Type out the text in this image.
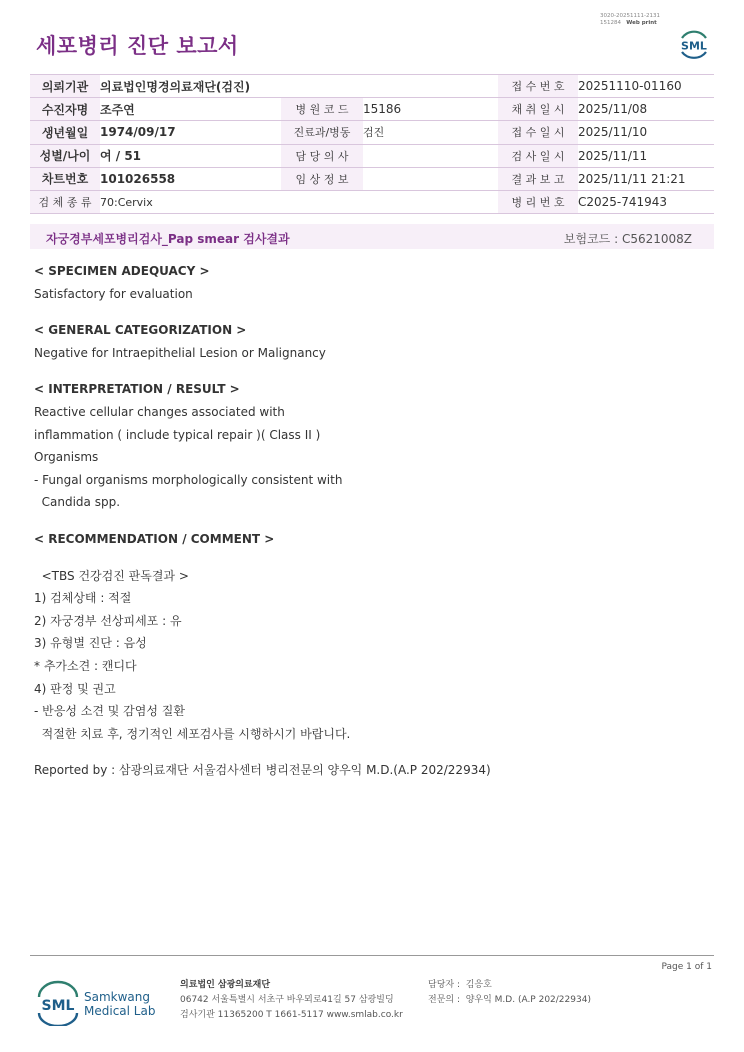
세포병리 진단 보고서
3020-20251111-2131
151284 Web print
SML
의뢰기관	의료법인명경의료재단(검진)			접 수 번 호	20251110-01160
수진자명	조주연	병 원 코 드	15186	채 취 일 시	2025/11/08
생년월일	1974/09/17	진료과/병동	검진	접 수 일 시	2025/11/10
성별/나이	여 / 51	담 당 의 사		검 사 일 시	2025/11/11
차트번호	101026558	임 상 정 보		결 과 보 고	2025/11/11 21:21
검 체 종 류	70:Cervix			병 리 번 호	C2025-741943
자궁경부세포병리검사_Pap smear 검사결과	보험코드 : C5621008Z
< SPECIMEN ADEQUACY >
Satisfactory for evaluation
< GENERAL CATEGORIZATION >
Negative for Intraepithelial Lesion or Malignancy
< INTERPRETATION / RESULT >
Reactive cellular changes associated with
inflammation ( include typical repair )( Class II )
Organisms
- Fungal organisms morphologically consistent with
Candida spp.
< RECOMMENDATION / COMMENT >
<TBS 건강검진 판독결과 >
1) 검체상태 : 적절
2) 자궁경부 선상피세포 : 유
3) 유형별 진단 : 음성
* 추가소견 : 캔디다
4) 판정 및 권고
- 반응성 소견 및 감염성 질환
적절한 치료 후, 정기적인 세포검사를 시행하시기 바랍니다.
Reported by : 삼광의료재단 서울검사센터 병리전문의 양우익 M.D.(A.P 202/22934)
Page 1 of 1
SML
Samkwang
Medical Lab
의료법인 삼광의료재단
06742 서울특별시 서초구 바우뫼로41길 57 삼광빌딩
검사기관 11365200 T 1661-5117 www.smlab.co.kr
담당자 : 김응호
전문의 : 양우익 M.D. (A.P 202/22934)
